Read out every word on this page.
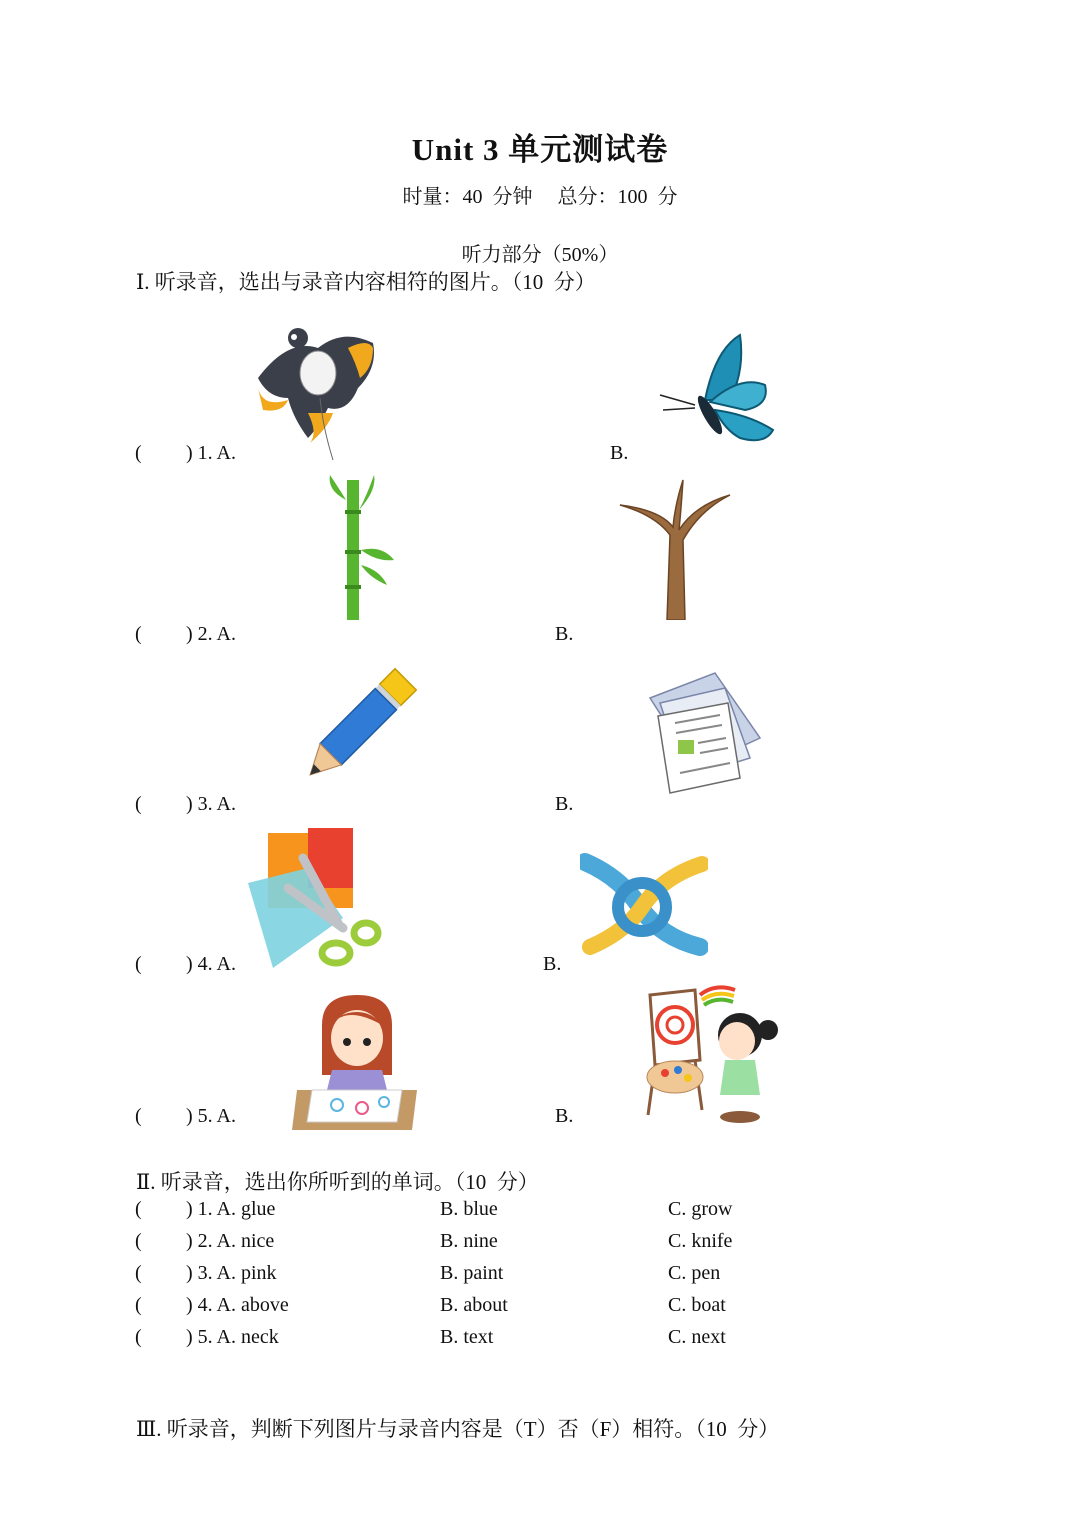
Unit 3 单元测试卷
时量：40  分钟     总分：100  分
听力部分（50%）
Ⅰ. 听录音，选出与录音内容相符的图片。（10  分）
( ) 1. A.	B.
( ) 2. A.	B.
( ) 3. A.	B.
( ) 4. A.	B.
( ) 5. A.	B.
Ⅱ. 听录音，选出你所听到的单词。（10  分）
( ) 1. A. glue	B. blue	C. grow
( ) 2. A. nice	B. nine	C. knife
( ) 3. A. pink	B. paint	C. pen
( ) 4. A. above	B. about	C. boat
( ) 5. A. neck	B. text	C. next
Ⅲ. 听录音，判断下列图片与录音内容是（T）否（F）相符。（10  分）
